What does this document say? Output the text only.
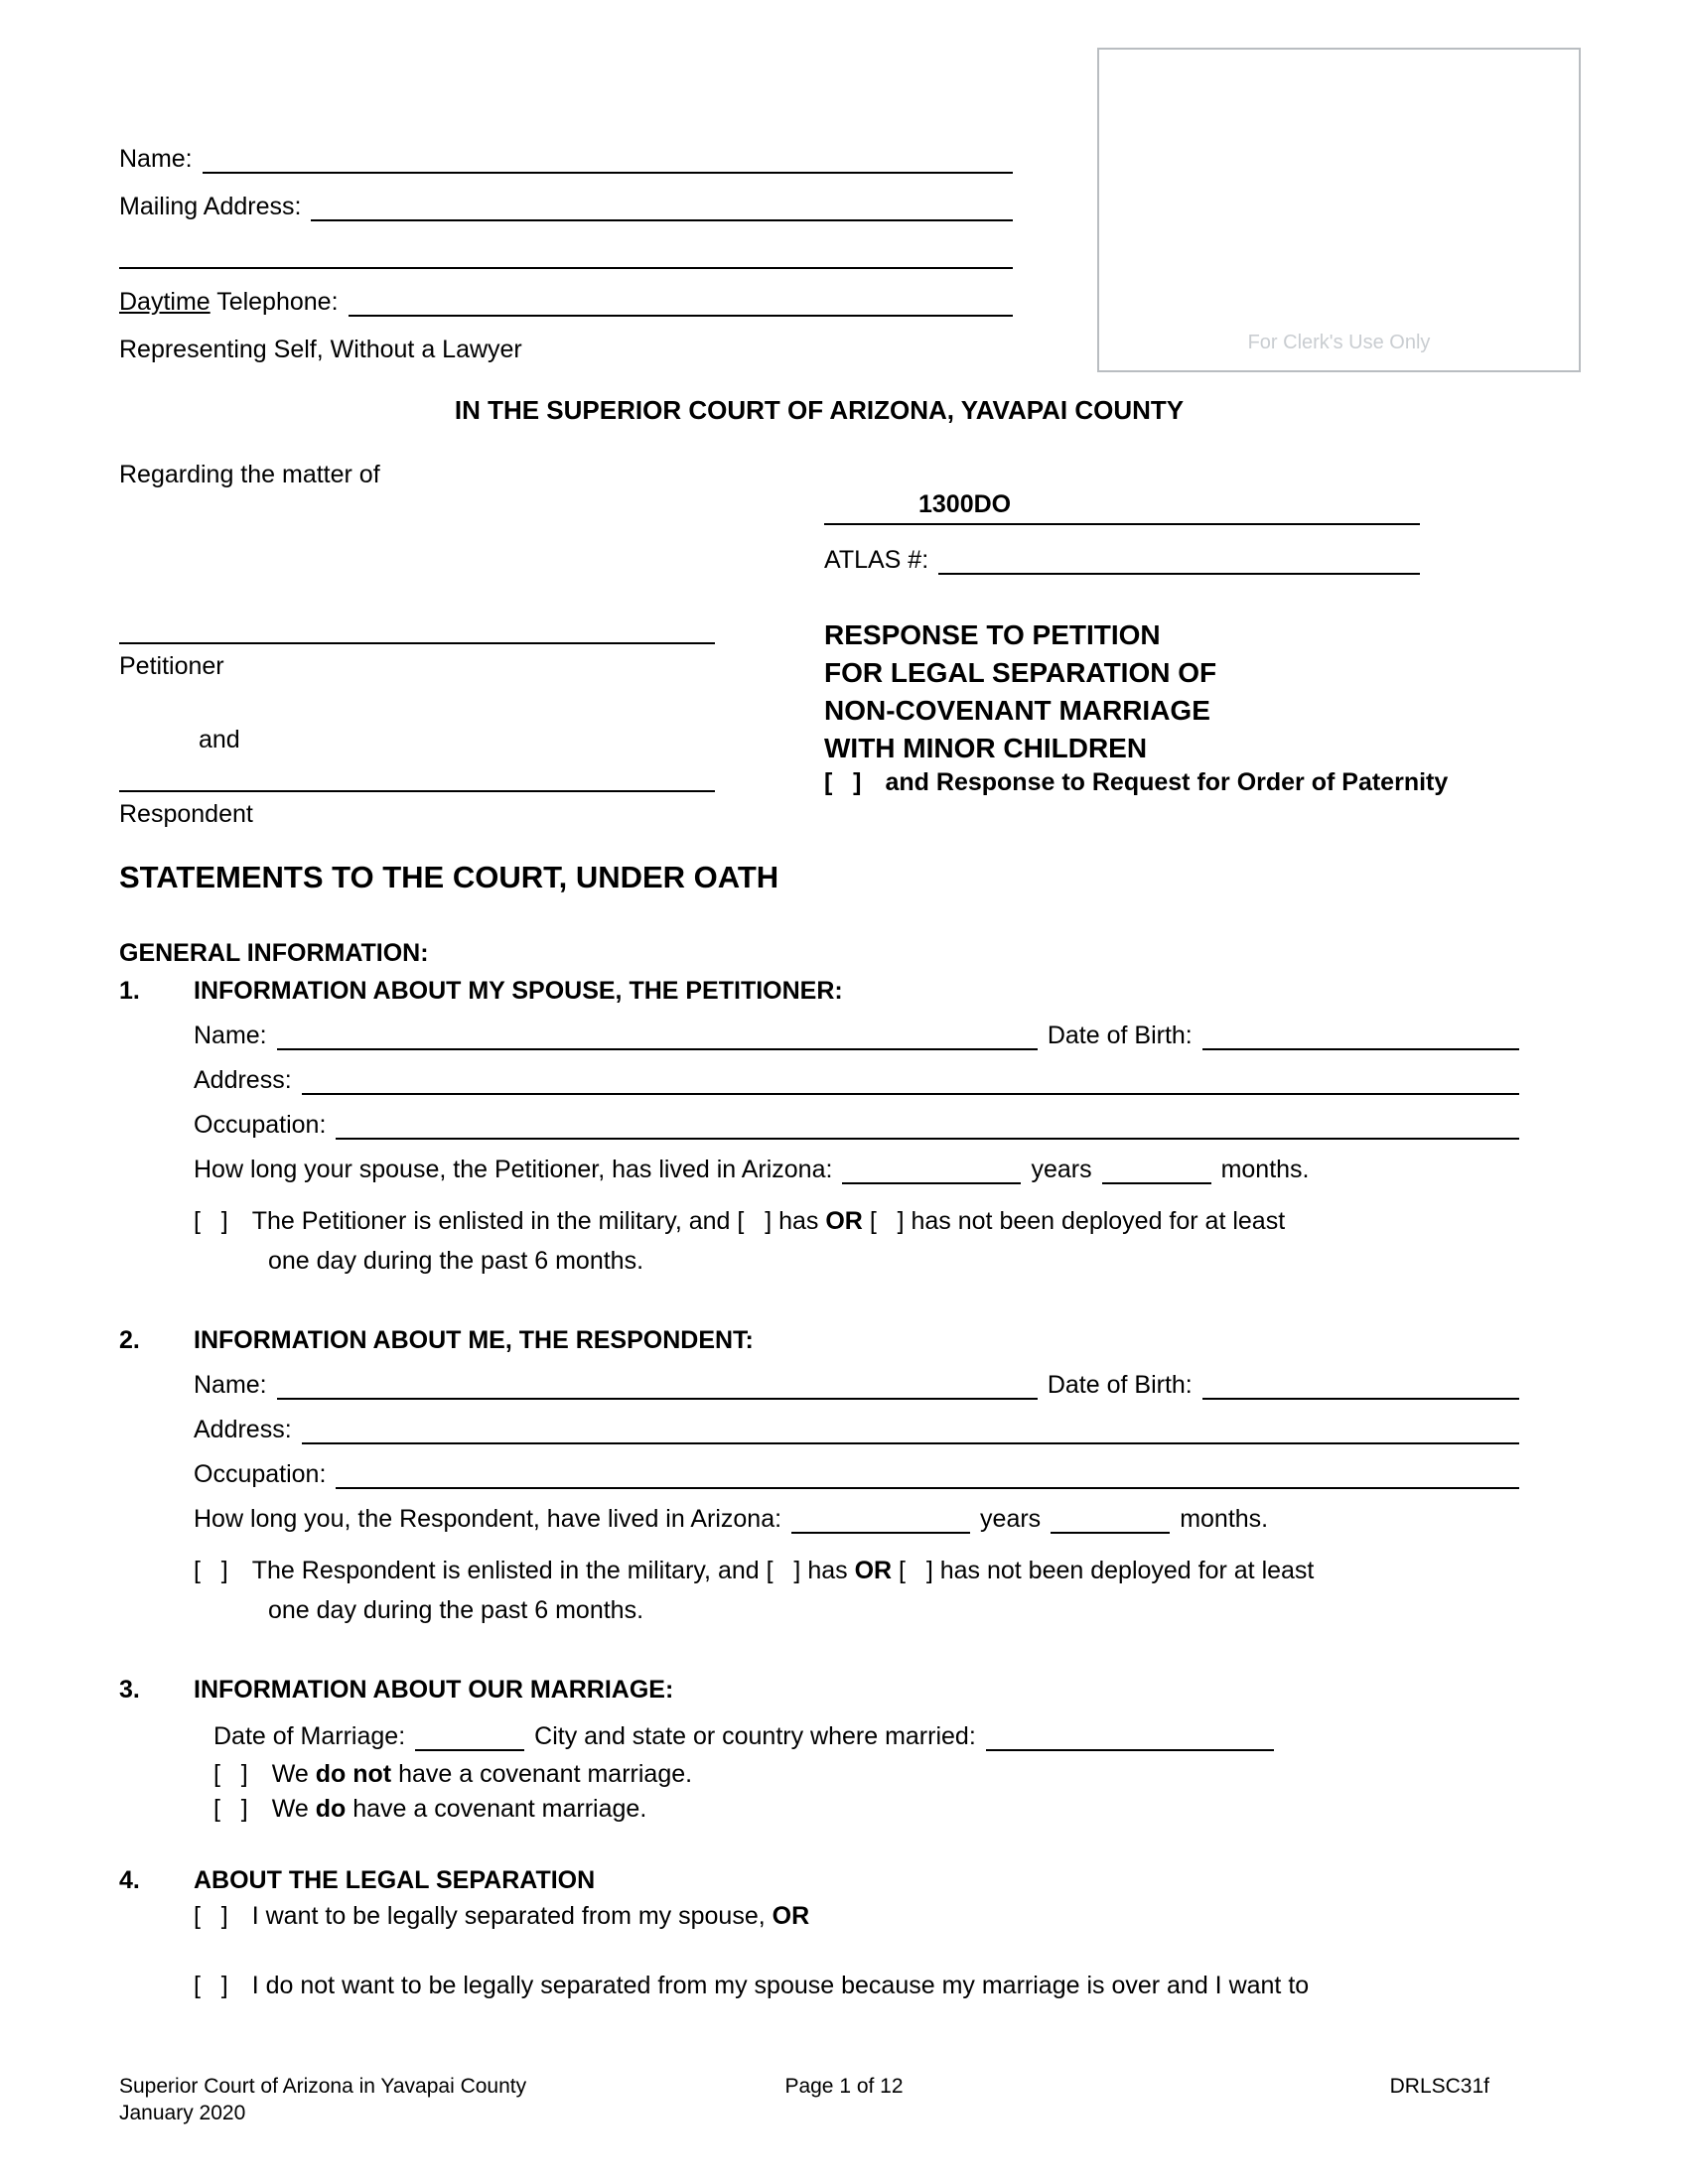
For Clerk's Use Only
Name:
Mailing Address:
Daytime Telephone:
Representing Self, Without a Lawyer
IN THE SUPERIOR COURT OF ARIZONA, YAVAPAI COUNTY
Regarding the matter of
Petitioner
and
Respondent
1300DO
ATLAS #:
RESPONSE TO PETITION
FOR LEGAL SEPARATION OF
NON-COVENANT MARRIAGE
WITH MINOR CHILDREN
[   ] and Response to Request for Order of Paternity
STATEMENTS TO THE COURT, UNDER OATH
GENERAL INFORMATION:
1.	INFORMATION ABOUT MY SPOUSE, THE PETITIONER:
Name:	Date of Birth:
Address:
Occupation:
How long your spouse, the Petitioner, has lived in Arizona:	years	months.
[   ] The Petitioner is enlisted in the military, and [   ] has OR [   ] has not been deployed for at least
one day during the past 6 months.
2.	INFORMATION ABOUT ME, THE RESPONDENT:
Name:	Date of Birth:
Address:
Occupation:
How long you, the Respondent, have lived in Arizona:	years	months.
[   ] The Respondent is enlisted in the military, and [   ] has OR [   ] has not been deployed for at least
one day during the past 6 months.
3.	INFORMATION ABOUT OUR MARRIAGE:
Date of Marriage:	City and state or country where married:
[   ] We do not have a covenant marriage.
[   ] We do have a covenant marriage.
4.	ABOUT THE LEGAL SEPARATION
[   ] I want to be legally separated from my spouse, OR
[   ] I do not want to be legally separated from my spouse because my marriage is over and I want to
Superior Court of Arizona in Yavapai County
January 2020
Page 1 of 12	DRLSC31f
